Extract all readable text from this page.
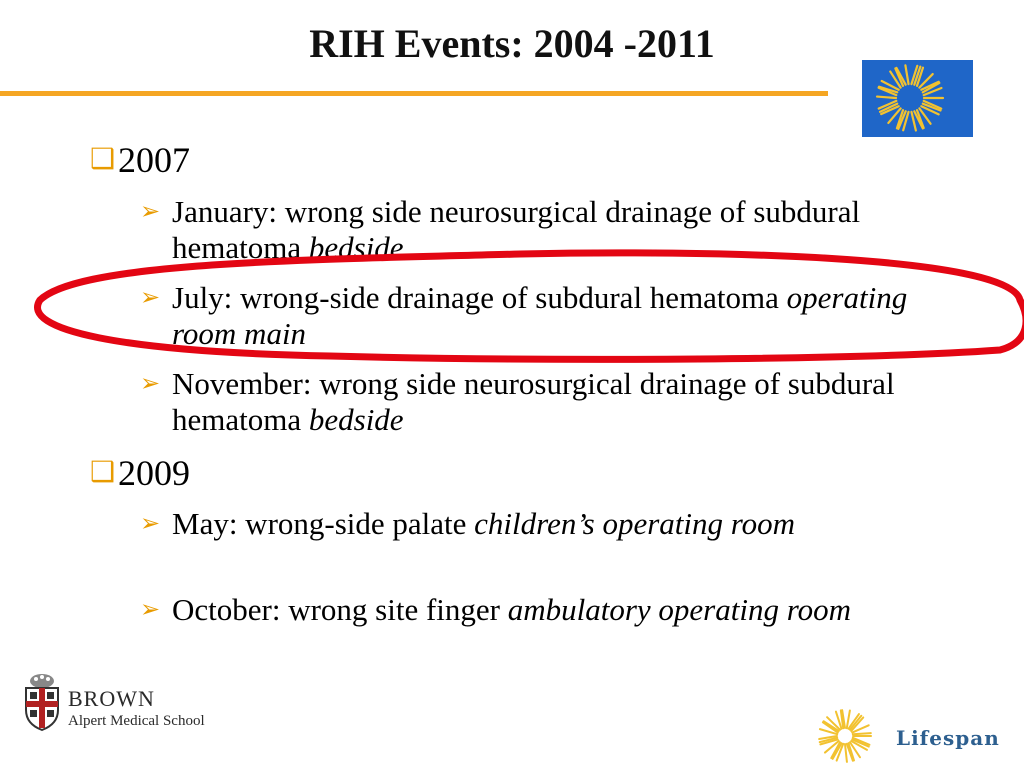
RIH Events: 2004 -2011
❑ 2007
➢ January: wrong side neurosurgical drainage of subdural hematoma bedside
➢ July: wrong-side drainage of subdural hematoma operating room main
➢ November: wrong side neurosurgical drainage of subdural hematoma bedside
❑ 2009
➢ May: wrong-side palate children’s operating room
➢ October: wrong site finger ambulatory operating room
BROWN
Alpert Medical School
Lifespan
